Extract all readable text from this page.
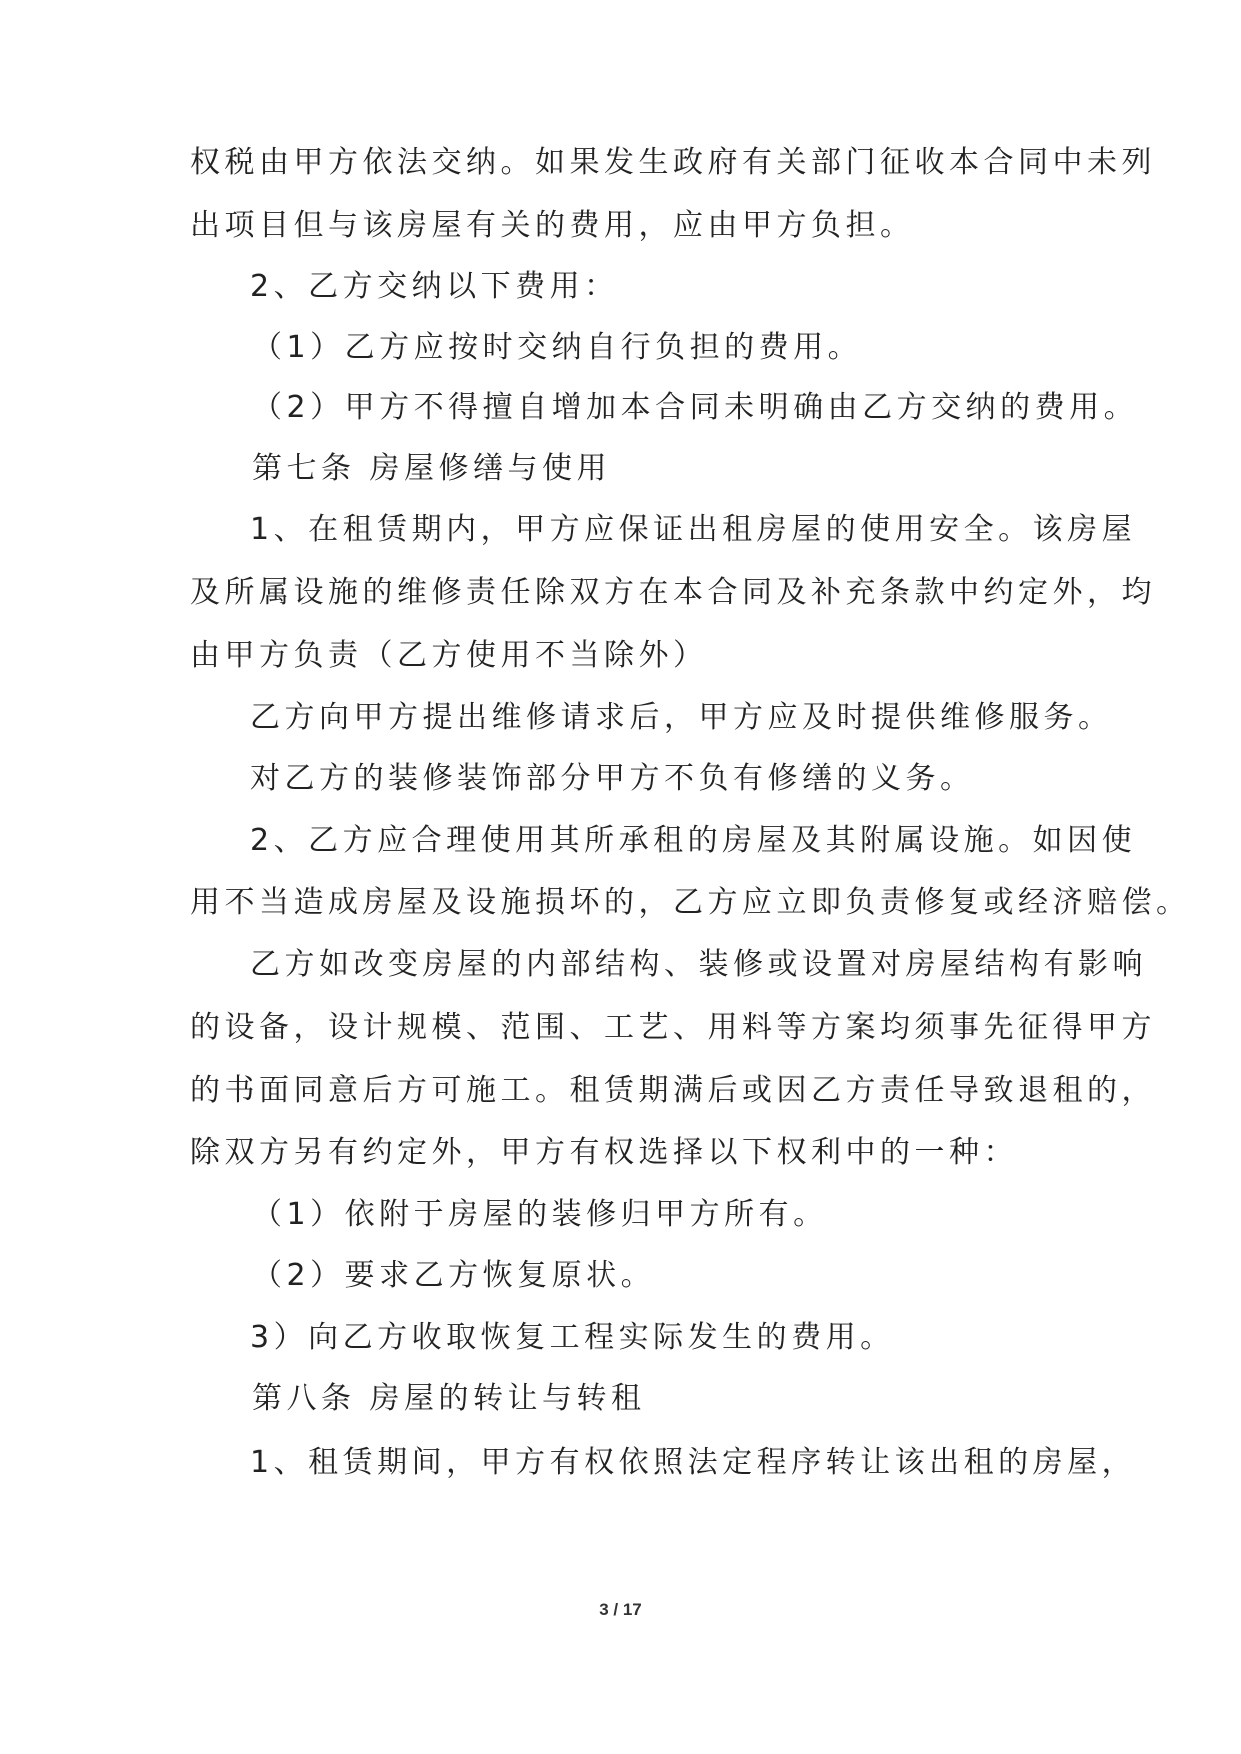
权税由甲方依法交纳。如果发生政府有关部门征收本合同中未列
出项目但与该房屋有关的费用，应由甲方负担。
2、乙方交纳以下费用：
（1）乙方应按时交纳自行负担的费用。
（2）甲方不得擅自增加本合同未明确由乙方交纳的费用。
第七条 房屋修缮与使用
1、在租赁期内，甲方应保证出租房屋的使用安全。该房屋
及所属设施的维修责任除双方在本合同及补充条款中约定外，均
由甲方负责（乙方使用不当除外）
乙方向甲方提出维修请求后，甲方应及时提供维修服务。
对乙方的装修装饰部分甲方不负有修缮的义务。
2、乙方应合理使用其所承租的房屋及其附属设施。如因使
用不当造成房屋及设施损坏的，乙方应立即负责修复或经济赔偿。
乙方如改变房屋的内部结构、装修或设置对房屋结构有影响
的设备，设计规模、范围、工艺、用料等方案均须事先征得甲方
的书面同意后方可施工。租赁期满后或因乙方责任导致退租的，
除双方另有约定外，甲方有权选择以下权利中的一种：
（1）依附于房屋的装修归甲方所有。
（2）要求乙方恢复原状。
3）向乙方收取恢复工程实际发生的费用。
第八条 房屋的转让与转租
1、租赁期间，甲方有权依照法定程序转让该出租的房屋，
3 / 17
